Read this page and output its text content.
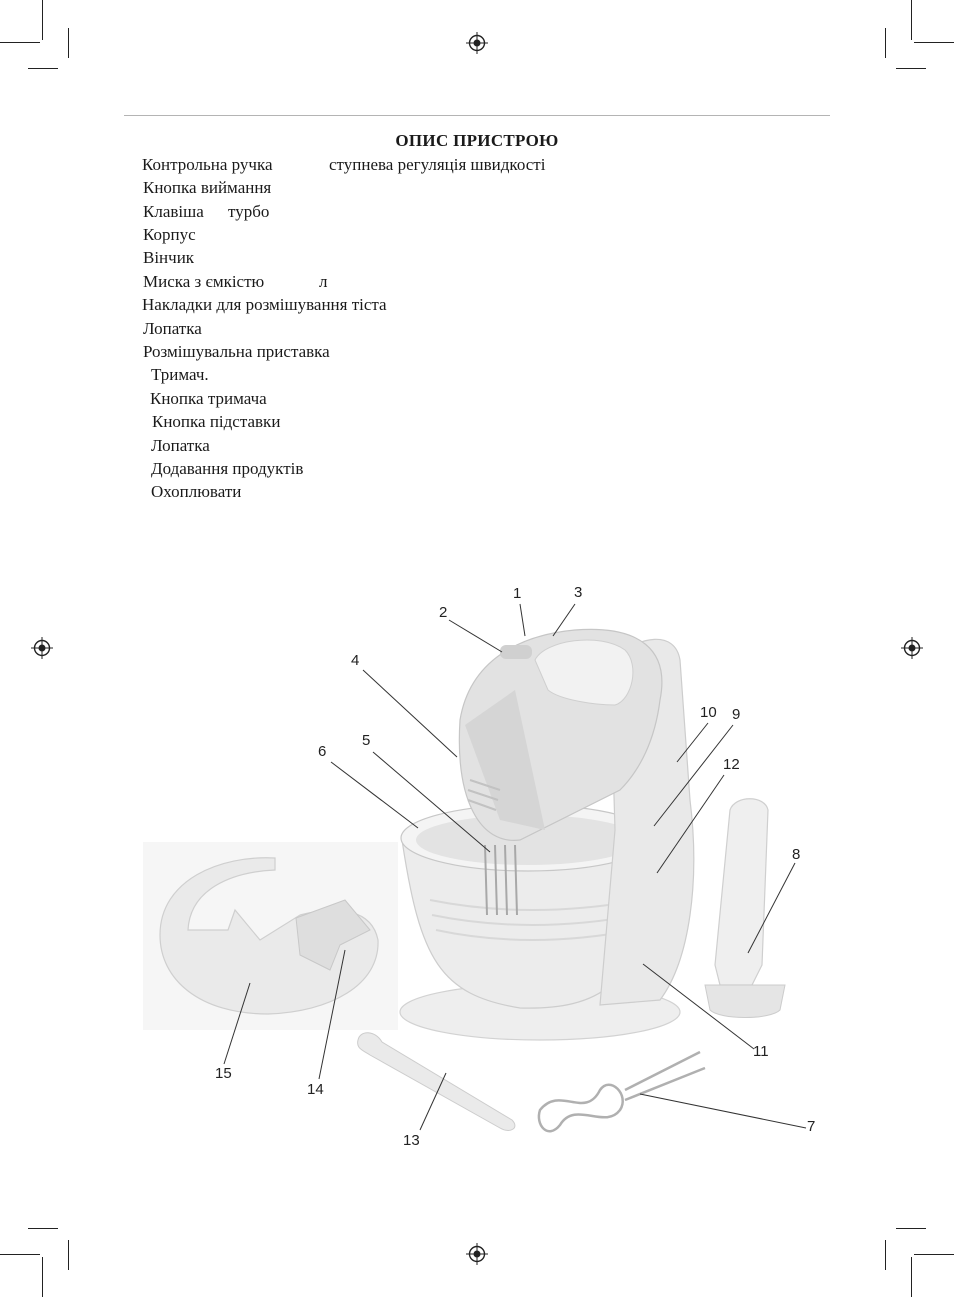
ОПИС ПРИСТРОЮ
Контрольна ручка	ступнева регуляція швидкості
Кнопка виймання
Клавіша турбо
Корпус
Вінчик
Миска з ємкістю	л
Накладки для розмішування тіста
Лопатка
Розмішувальна приставка
Тримач.
Кнопка тримача
Кнопка підставки
Лопатка
Додавання продуктів
Охоплювати
1
2
3
4
5
6
7
8
9
10
11
12
13
14
15
